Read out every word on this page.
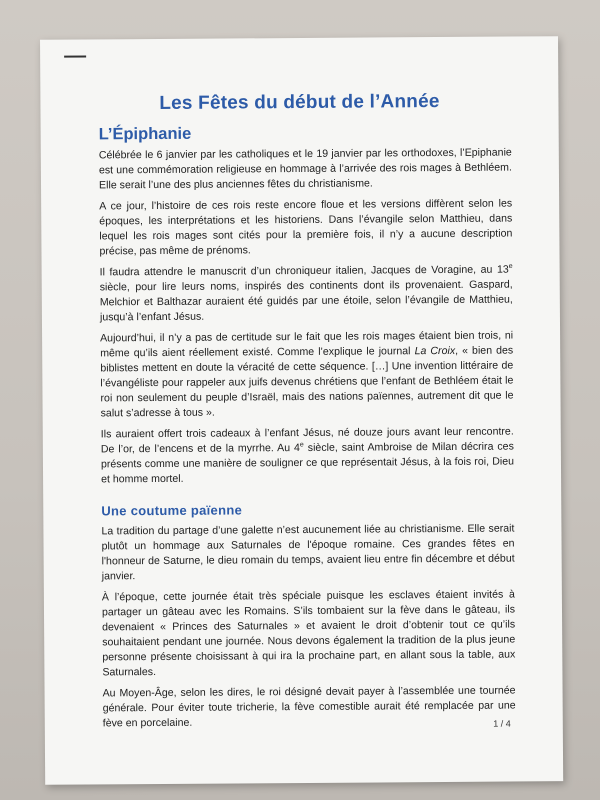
Les Fêtes du début de l’Année
L’Épiphanie

Célébrée le 6 janvier par les catholiques et le 19 janvier par les orthodoxes, l’Epiphanie est une commémoration religieuse en hommage à l’arrivée des rois mages à Bethléem. Elle serait l’une des plus anciennes fêtes du christianisme.

A ce jour, l’histoire de ces rois reste encore floue et les versions diffèrent selon les époques, les interprétations et les historiens. Dans l’évangile selon Matthieu, dans lequel les rois mages sont cités pour la première fois, il n’y a aucune description précise, pas même de prénoms.

Il faudra attendre le manuscrit d’un chroniqueur italien, Jacques de Voragine, au 13e siècle, pour lire leurs noms, inspirés des continents dont ils provenaient. Gaspard, Melchior et Balthazar auraient été guidés par une étoile, selon l’évangile de Matthieu, jusqu’à l’enfant Jésus.

Aujourd’hui, il n’y a pas de certitude sur le fait que les rois mages étaient bien trois, ni même qu’ils aient réellement existé. Comme l’explique le journal La Croix, « bien des biblistes mettent en doute la véracité de cette séquence. […] Une invention littéraire de l’évangéliste pour rappeler aux juifs devenus chrétiens que l’enfant de Bethléem était le roi non seulement du peuple d’Israël, mais des nations païennes, autrement dit que le salut s’adresse à tous ».

Ils auraient offert trois cadeaux à l’enfant Jésus, né douze jours avant leur rencontre. De l’or, de l’encens et de la myrrhe. Au 4e siècle, saint Ambroise de Milan décrira ces présents comme une manière de souligner ce que représentait Jésus, à la fois roi, Dieu et homme mortel.

Une coutume païenne

La tradition du partage d’une galette n’est aucunement liée au christianisme. Elle serait plutôt un hommage aux Saturnales de l'époque romaine. Ces grandes fêtes en l'honneur de Saturne, le dieu romain du temps, avaient lieu entre fin décembre et début janvier.

À l’époque, cette journée était très spéciale puisque les esclaves étaient invités à partager un gâteau avec les Romains. S’ils tombaient sur la fève dans le gâteau, ils devenaient « Princes des Saturnales » et avaient le droit d’obtenir tout ce qu’ils souhaitaient pendant une journée. Nous devons également la tradition de la plus jeune personne présente choisissant à qui ira la prochaine part, en allant sous la table, aux Saturnales.

Au Moyen-Âge, selon les dires, le roi désigné devait payer à l’assemblée une tournée générale. Pour éviter toute tricherie, la fève comestible aurait été remplacée par une fève en porcelaine.	1 / 4
